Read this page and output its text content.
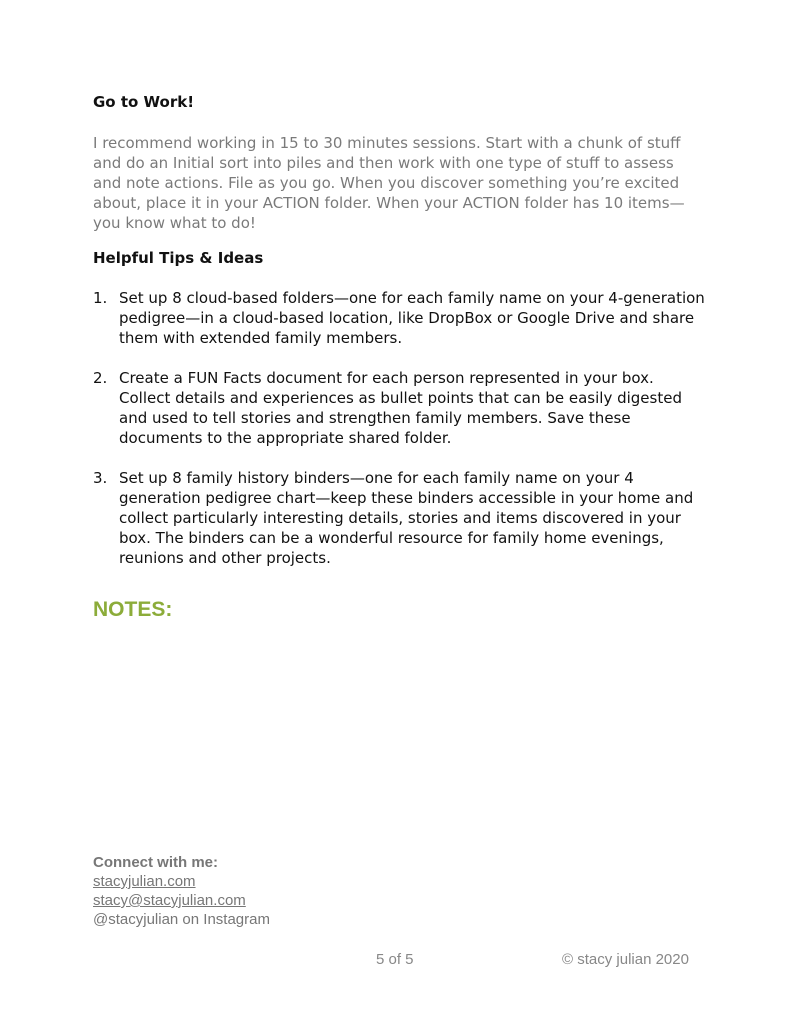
Go to Work!
I recommend working in 15 to 30 minutes sessions. Start with a chunk of stuff and do an Initial sort into piles and then work with one type of stuff to assess and note actions. File as you go. When you discover something you’re excited about, place it in your ACTION folder. When your ACTION folder has 10 items—you know what to do!
Helpful Tips & Ideas
1. Set up 8 cloud-based folders—one for each family name on your 4-generation pedigree—in a cloud-based location, like DropBox or Google Drive and share them with extended family members.
2. Create a FUN Facts document for each person represented in your box. Collect details and experiences as bullet points that can be easily digested and used to tell stories and strengthen family members. Save these documents to the appropriate shared folder.
3. Set up 8 family history binders—one for each family name on your 4 generation pedigree chart—keep these binders accessible in your home and collect particularly interesting details, stories and items discovered in your box. The binders can be a wonderful resource for family home evenings, reunions and other projects.
NOTES:
Connect with me:
stacyjulian.com
stacy@stacyjulian.com
@stacyjulian on Instagram
5 of 5	© stacy julian 2020
